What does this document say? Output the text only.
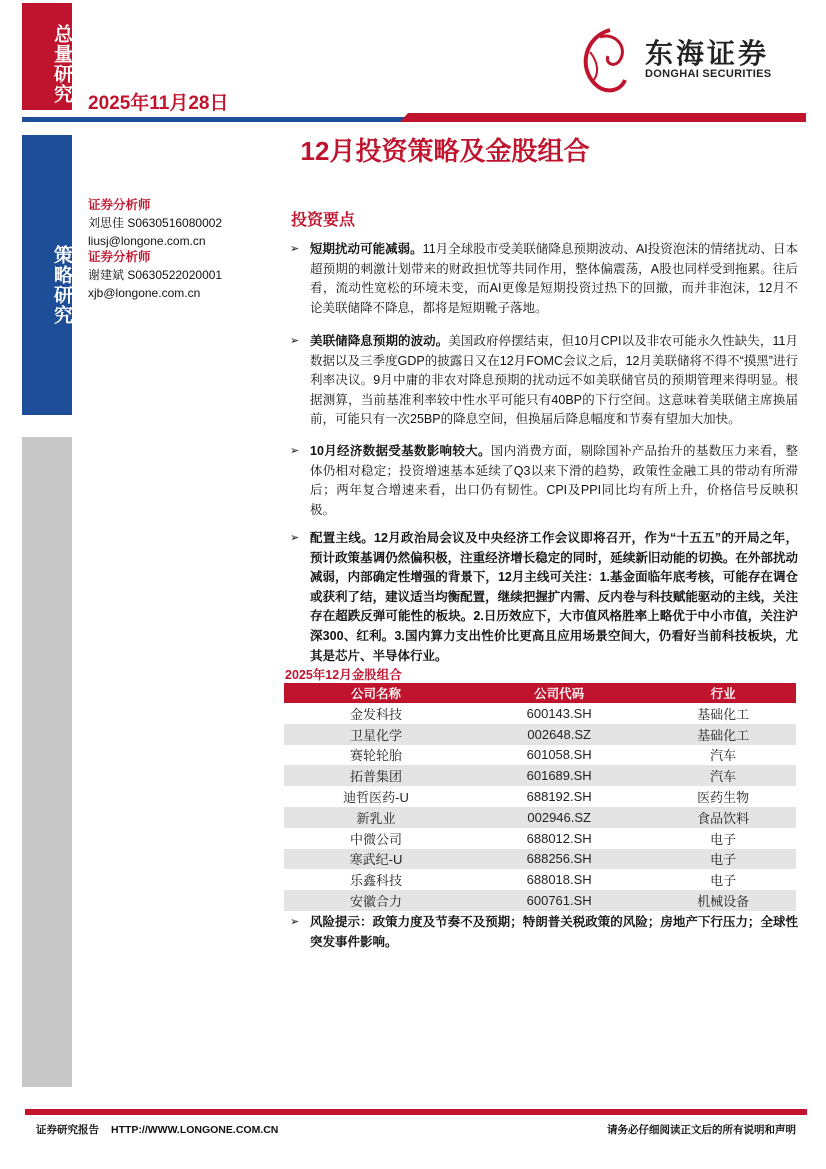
总量研究
策略研究
2025年11月28日
东海证券
DONGHAI SECURITIES
12月投资策略及金股组合
证券分析师
刘思佳 S0630516080002
liusj@longone.com.cn
证券分析师
谢建斌 S0630522020001
xjb@longone.com.cn
投资要点
➢ 短期扰动可能减弱。11月全球股市受美联储降息预期波动、AI投资泡沫的情绪扰动、日本超预期的刺激计划带来的财政担忧等共同作用，整体偏震荡，A股也同样受到拖累。往后看，流动性宽松的环境未变，而AI更像是短期投资过热下的回撤，而并非泡沫，12月不论美联储降不降息，都将是短期靴子落地。
➢ 美联储降息预期的波动。美国政府停摆结束，但10月CPI以及非农可能永久性缺失，11月数据以及三季度GDP的披露日又在12月FOMC会议之后，12月美联储将不得不“摸黑”进行利率决议。9月中庸的非农对降息预期的扰动远不如美联储官员的预期管理来得明显。根据测算，当前基准利率较中性水平可能只有40BP的下行空间。这意味着美联储主席换届前，可能只有一次25BP的降息空间，但换届后降息幅度和节奏有望加大加快。
➢ 10月经济数据受基数影响较大。国内消费方面，剔除国补产品抬升的基数压力来看，整体仍相对稳定；投资增速基本延续了Q3以来下滑的趋势，政策性金融工具的带动有所滞后；两年复合增速来看，出口仍有韧性。CPI及PPI同比均有所上升，价格信号反映积极。
➢ 配置主线。12月政治局会议及中央经济工作会议即将召开，作为“十五五”的开局之年，预计政策基调仍然偏积极，注重经济增长稳定的同时，延续新旧动能的切换。在外部扰动减弱，内部确定性增强的背景下，12月主线可关注：1.基金面临年底考核，可能存在调仓或获利了结，建议适当均衡配置，继续把握扩内需、反内卷与科技赋能驱动的主线，关注存在超跌反弹可能性的板块。2.日历效应下，大市值风格胜率上略优于中小市值，关注沪深300、红利。3.国内算力支出性价比更高且应用场景空间大，仍看好当前科技板块，尤其是芯片、半导体行业。
2025年12月金股组合
公司名称	公司代码	行业
金发科技	600143.SH	基础化工
卫星化学	002648.SZ	基础化工
赛轮轮胎	601058.SH	汽车
拓普集团	601689.SH	汽车
迪哲医药-U	688192.SH	医药生物
新乳业	002946.SZ	食品饮料
中微公司	688012.SH	电子
寒武纪-U	688256.SH	电子
乐鑫科技	688018.SH	电子
安徽合力	600761.SH	机械设备
➢ 风险提示：政策力度及节奏不及预期；特朗普关税政策的风险；房地产下行压力；全球性突发事件影响。
证券研究报告 HTTP://WWW.LONGONE.COM.CN	请务必仔细阅读正文后的所有说明和声明
